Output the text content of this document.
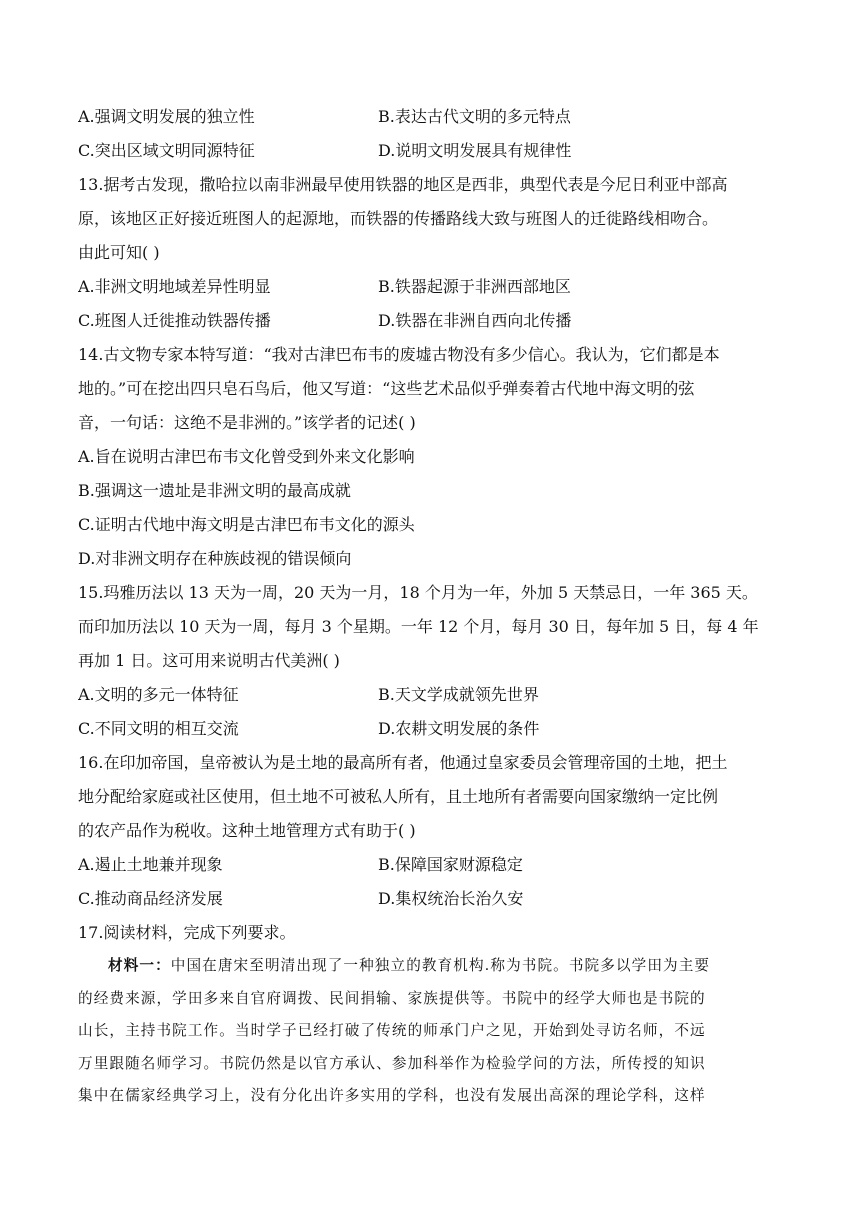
A.强调文明发展的独立性	B.表达古代文明的多元特点
C.突出区域文明同源特征	D.说明文明发展具有规律性
13.据考古发现，撒哈拉以南非洲最早使用铁器的地区是西非，典型代表是今尼日利亚中部高
原，该地区正好接近班图人的起源地，而铁器的传播路线大致与班图人的迁徙路线相吻合。
由此可知( )
A.非洲文明地域差异性明显	B.铁器起源于非洲西部地区
C.班图人迁徙推动铁器传播	D.铁器在非洲自西向北传播
14.古文物专家本特写道：“我对古津巴布韦的废墟古物没有多少信心。我认为，它们都是本
地的。”可在挖出四只皂石鸟后，他又写道：“这些艺术品似乎弹奏着古代地中海文明的弦
音，一句话：这绝不是非洲的。”该学者的记述( )
A.旨在说明古津巴布韦文化曾受到外来文化影响
B.强调这一遗址是非洲文明的最高成就
C.证明古代地中海文明是古津巴布韦文化的源头
D.对非洲文明存在种族歧视的错误倾向
15.玛雅历法以 13 天为一周，20 天为一月，18 个月为一年，外加 5 天禁忌日，一年 365 天。
而印加历法以 10 天为一周，每月 3 个星期。一年 12 个月，每月 30 日，每年加 5 日，每 4 年
再加 1 日。这可用来说明古代美洲( )
A.文明的多元一体特征	B.天文学成就领先世界
C.不同文明的相互交流	D.农耕文明发展的条件
16.在印加帝国，皇帝被认为是土地的最高所有者，他通过皇家委员会管理帝国的土地，把土
地分配给家庭或社区使用，但土地不可被私人所有，且土地所有者需要向国家缴纳一定比例
的农产品作为税收。这种土地管理方式有助于( )
A.遏止土地兼并现象	B.保障国家财源稳定
C.推动商品经济发展	D.集权统治长治久安
17.阅读材料，完成下列要求。
材料一：中国在唐宋至明清出现了一种独立的教育机构.称为书院。书院多以学田为主要
的经费来源，学田多来自官府调拨、民间捐输、家族提供等。书院中的经学大师也是书院的
山长，主持书院工作。当时学子已经打破了传统的师承门户之见，开始到处寻访名师，不远
万里跟随名师学习。书院仍然是以官方承认、参加科举作为检验学问的方法，所传授的知识
集中在儒家经典学习上，没有分化出许多实用的学科，也没有发展出高深的理论学科，这样
